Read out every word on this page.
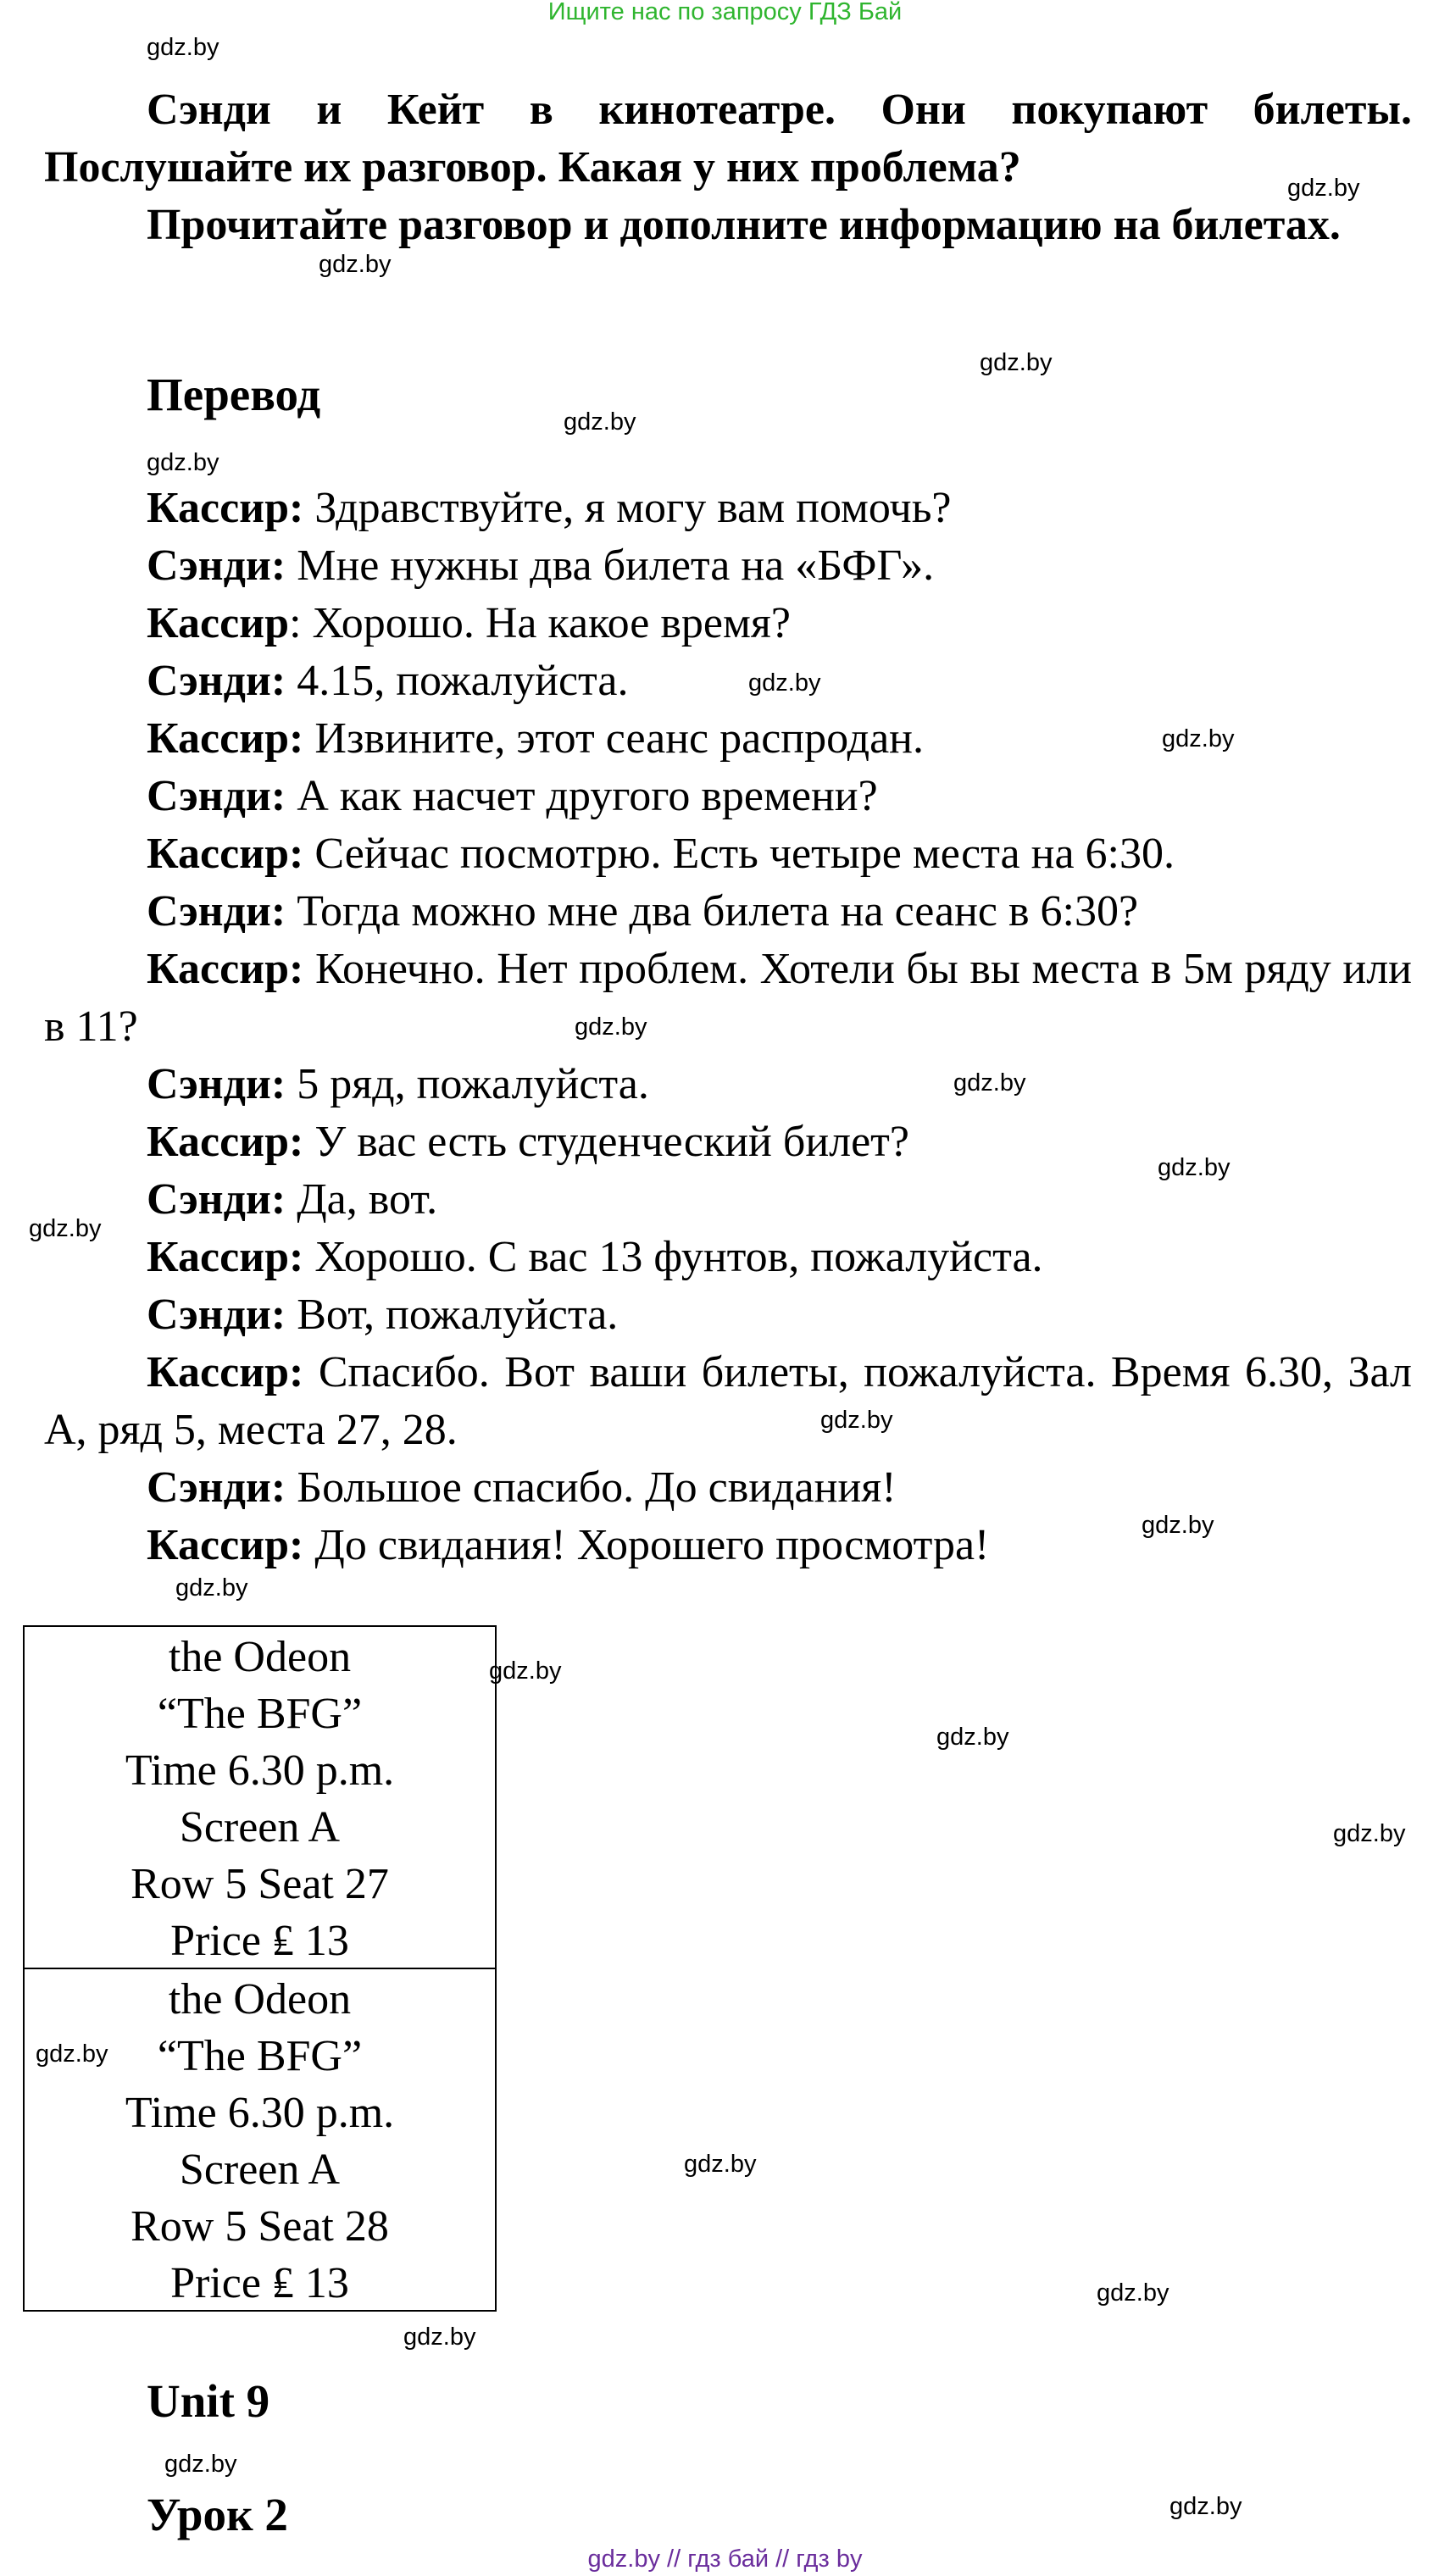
Ищите нас по запросу ГДЗ Бай

Сэнди и Кейт в кинотеатре. Они покупают билеты. Послушайте их разговор. Какая у них проблема?

Прочитайте разговор и дополните информацию на билетах.

Перевод

Кассир: Здравствуйте, я могу вам помочь?

Сэнди: Мне нужны два билета на «БФГ».

Кассир: Хорошо. На какое время?

Сэнди: 4.15, пожалуйста.

Кассир: Извините, этот сеанс распродан.

Сэнди: А как насчет другого времени?

Кассир: Сейчас посмотрю. Есть четыре места на 6:30.

Сэнди: Тогда можно мне два билета на сеанс в 6:30?

Кассир: Конечно. Нет проблем. Хотели бы вы места в 5м ряду или в 11?

Сэнди: 5 ряд, пожалуйста.

Кассир: У вас есть студенческий билет?

Сэнди: Да, вот.

Кассир: Хорошо. С вас 13 фунтов, пожалуйста.

Сэнди: Вот, пожалуйста.

Кассир: Спасибо. Вот ваши билеты, пожалуйста. Время 6.30, Зал А, ряд 5, места 27, 28.

Сэнди: Большое спасибо. До свидания!

Кассир: До свидания! Хорошего просмотра!

the Odeon
“The BFG”
Time 6.30 p.m.
Screen A
Row 5 Seat 27
Price ₤ 13
the Odeon
“The BFG”
Time 6.30 p.m.
Screen A
Row 5 Seat 28
Price ₤ 13
Unit 9
Урок 2
gdz.by
gdz.by
gdz.by
gdz.by
gdz.by
gdz.by
gdz.by
gdz.by
gdz.by
gdz.by
gdz.by
gdz.by
gdz.by
gdz.by
gdz.by
gdz.by
gdz.by
gdz.by
gdz.by
gdz.by
gdz.by
gdz.by
gdz.by
gdz.by
gdz.by // гдз бай // гдз by
